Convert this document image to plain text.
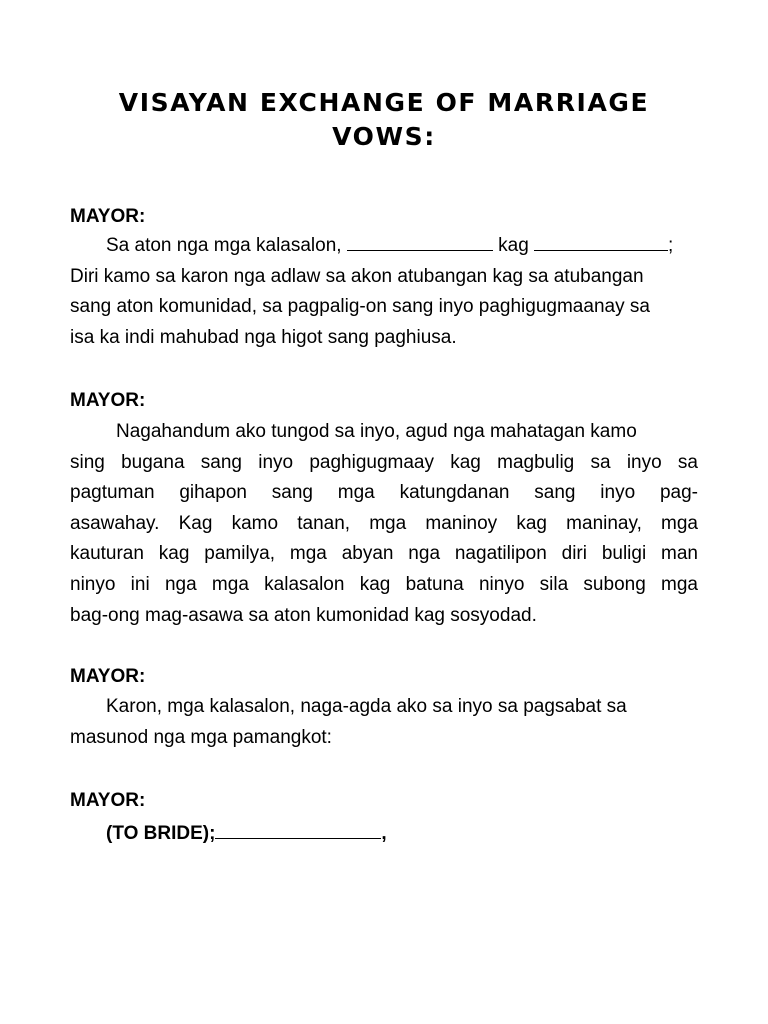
VISAYAN EXCHANGE OF MARRIAGE
VOWS:
MAYOR:
Sa aton nga mga kalasalon,	kag	;
Diri kamo sa karon nga adlaw sa akon atubangan kag sa atubangan
sang aton komunidad, sa pagpalig-on sang inyo paghigugmaanay sa
isa ka indi mahubad nga higot sang paghiusa.
MAYOR:
Nagahandum ako tungod sa inyo, agud nga mahatagan kamo
sing bugana sang inyo paghigugmaay kag magbulig sa inyo sa
pagtuman gihapon sang mga katungdanan sang inyo pag-
asawahay. Kag kamo tanan, mga maninoy kag maninay, mga
kauturan kag pamilya, mga abyan nga nagatilipon diri buligi man
ninyo ini nga mga kalasalon kag batuna ninyo sila subong mga
bag-ong mag-asawa sa aton kumonidad kag sosyodad.
MAYOR:
Karon, mga kalasalon, naga-agda ako sa inyo sa pagsabat sa
masunod nga mga pamangkot:
MAYOR:
(TO BRIDE);	,
